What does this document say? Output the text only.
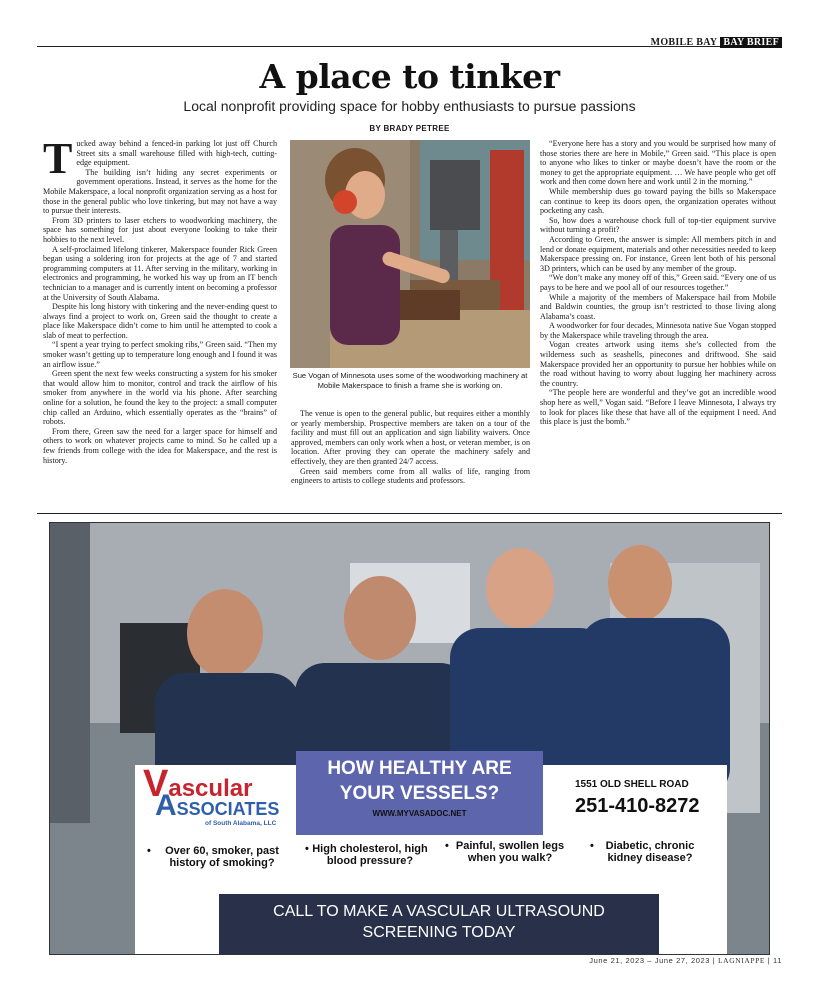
MOBILE BAY BAY BRIEF
A place to tinker
Local nonprofit providing space for hobby enthusiasts to pursue passions
BY BRADY PETREE
T ucked away behind a fenced-in parking lot just off Church Street sits a small warehouse filled with high-tech, cutting-edge equipment.

The building isn’t hiding any secret experiments or government operations. Instead, it serves as the home for the Mobile Makerspace, a local nonprofit organization serving as a host for those in the general public who love tinkering, but may not have a way to pursue their interests.

From 3D printers to laser etchers to woodworking machinery, the space has something for just about everyone looking to take their hobbies to the next level.

A self-proclaimed lifelong tinkerer, Makerspace founder Rick Green began using a soldering iron for projects at the age of 7 and started programming computers at 11. After serving in the military, working in electronics and programming, he worked his way up from an IT bench technician to a manager and is currently intent on becoming a professor at the University of South Alabama.

Despite his long history with tinkering and the never-ending quest to always find a project to work on, Green said the thought to create a place like Makerspace didn’t come to him until he attempted to cook a slab of meat to perfection.

“I spent a year trying to perfect smoking ribs,” Green said. “Then my smoker wasn’t getting up to temperature long enough and I found it was an airflow issue.”

Green spent the next few weeks constructing a system for his smoker that would allow him to monitor, control and track the airflow of his smoker from anywhere in the world via his phone. After searching online for a solution, he found the key to the project: a small computer chip called an Arduino, which essentially operates as the “brains” of robots.

From there, Green saw the need for a larger space for himself and others to work on whatever projects came to mind. So he called up a few friends from college with the idea for Makerspace, and the rest is history.

Sue Vogan of Minnesota uses some of the woodworking machinery at Mobile Makerspace to finish a frame she is working on.

The venue is open to the general public, but requires either a monthly or yearly membership. Prospective members are taken on a tour of the facility and must fill out an application and sign liability waivers. Once approved, members can only work when a host, or veteran member, is on location. After proving they can operate the machinery safely and effectively, they are then granted 24/7 access.

Green said members come from all walks of life, ranging from engineers to artists to college students and professors.

“Everyone here has a story and you would be surprised how many of those stories there are here in Mobile,” Green said. “This place is open to anyone who likes to tinker or maybe doesn’t have the room or the money to get the appropriate equipment. … We have people who get off work and then come down here and work until 2 in the morning.”

While membership dues go toward paying the bills so Makerspace can continue to keep its doors open, the organization operates without pocketing any cash.

So, how does a warehouse chock full of top-tier equipment survive without turning a profit?

According to Green, the answer is simple: All members pitch in and lend or donate equipment, materials and other necessities needed to keep Makerspace pressing on. For instance, Green lent both of his personal 3D printers, which can be used by any member of the group.

“We don’t make any money off of this,” Green said. “Every one of us pays to be here and we pool all of our resources together.”

While a majority of the members of Makerspace hail from Mobile and Baldwin counties, the group isn’t restricted to those living along Alabama’s coast.

A woodworker for four decades, Minnesota native Sue Vogan stopped by the Makerspace while traveling through the area.

Vogan creates artwork using items she’s collected from the wilderness such as seashells, pinecones and driftwood. She said Makerspace provided her an opportunity to pursue her hobbies while on the road without having to worry about lugging her machinery across the country.

“The people here are wonderful and they’ve got an incredible wood shop here as well,” Vogan said. “Before I leave Minnesota, I always try to look for places like these that have all of the equipment I need. And this place is just the bomb.”

Vascular
ASSOCIATES
of South Alabama, LLC
HOW HEALTHY ARE
YOUR VESSELS?
WWW.MYVASADOC.NET
1551 OLD SHELL ROAD
251-410-8272
• Over 60, smoker, past history of smoking?
• High cholesterol, high blood pressure?
• Painful, swollen legs when you walk?
• Diabetic, chronic kidney disease?
CALL TO MAKE A VASCULAR ULTRASOUND
SCREENING TODAY
June 21, 2023 – June 27, 2023 | LAGNIAPPE | 11
